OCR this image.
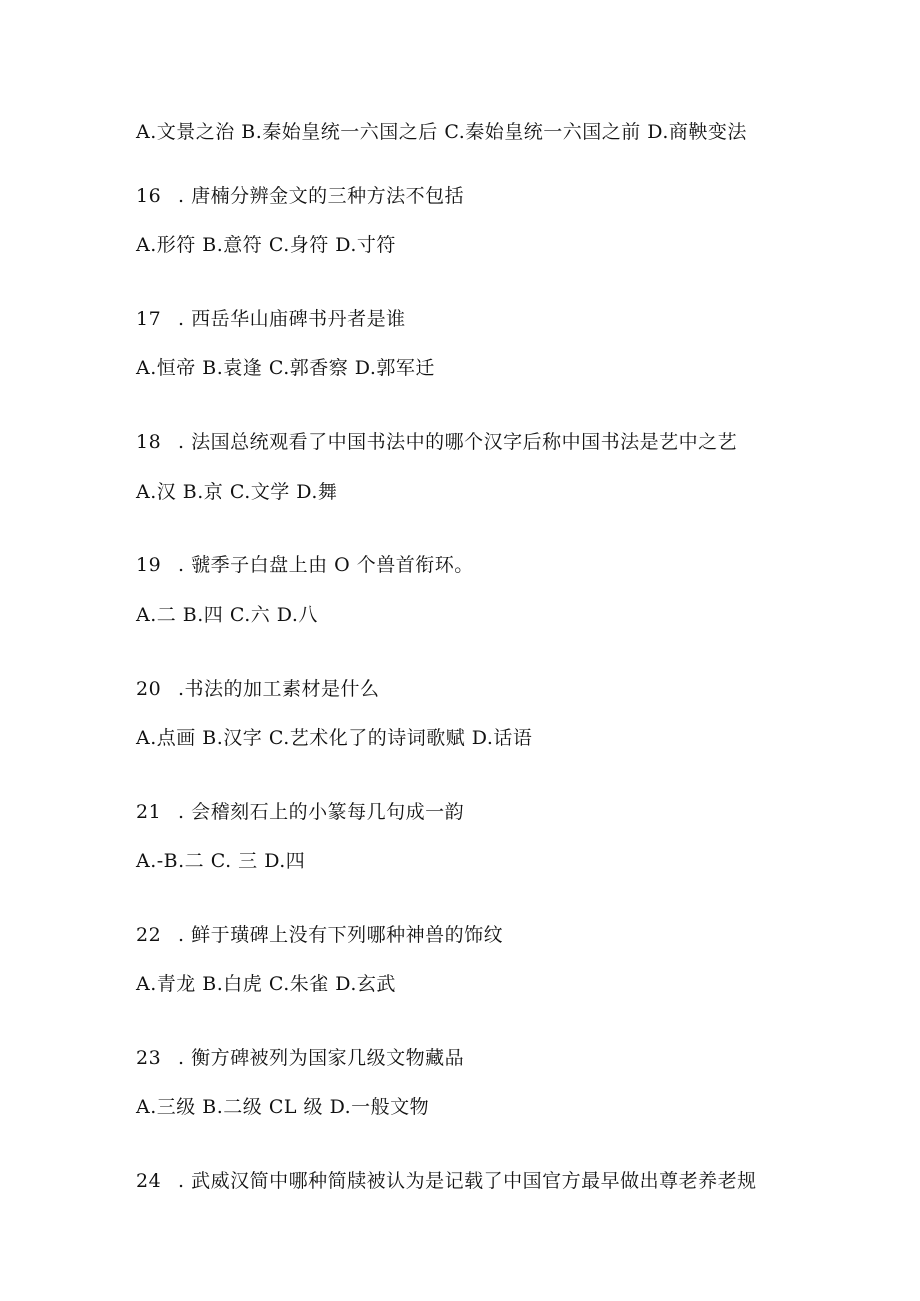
A.文景之治 B.秦始皇统一六国之后 C.秦始皇统一六国之前 D.商鞅变法
16 . 唐楠分辨金文的三种方法不包括
A.形符 B.意符 C.身符 D.寸符
17 . 西岳华山庙碑书丹者是谁
A.恒帝 B.袁逢 C.郭香察 D.郭军迁
18 . 法国总统观看了中国书法中的哪个汉字后称中国书法是艺中之艺
A.汉 B.京 C.文学 D.舞
19 . 虢季子白盘上由 O 个兽首衔环。
A.二 B.四 C.六 D.八
20 .书法的加工素材是什么
A.点画 B.汉字 C.艺术化了的诗词歌赋 D.话语
21 . 会稽刻石上的小篆每几句成一韵
A.-B.二 C. 三 D.四
22 . 鲜于璜碑上没有下列哪种神兽的饰纹
A.青龙 B.白虎 C.朱雀 D.玄武
23 . 衡方碑被列为国家几级文物藏品
A.三级 B.二级 CL 级 D.一般文物
24 . 武威汉简中哪种简牍被认为是记载了中国官方最早做出尊老养老规
